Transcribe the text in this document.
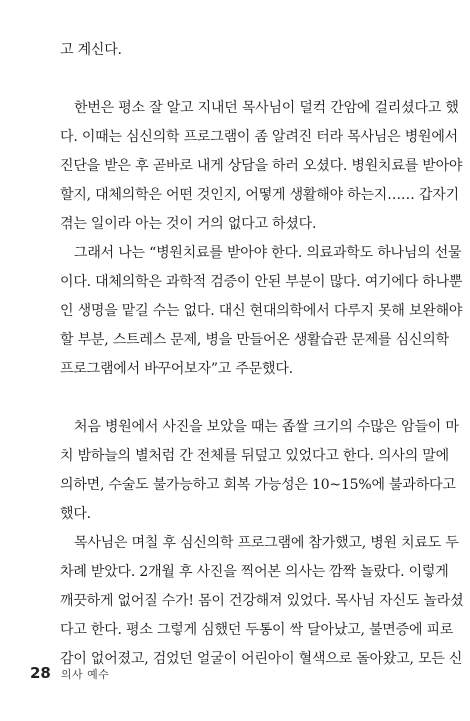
고 계신다.
한번은 평소 잘 알고 지내던 목사님이 덜컥 간암에 걸리셨다고 했
다. 이때는 심신의학 프로그램이 좀 알려진 터라 목사님은 병원에서
진단을 받은 후 곧바로 내게 상담을 하러 오셨다. 병원치료를 받아야
할지, 대체의학은 어떤 것인지, 어떻게 생활해야 하는지…… 갑자기
겪는 일이라 아는 것이 거의 없다고 하셨다.
그래서 나는 “병원치료를 받아야 한다. 의료과학도 하나님의 선물
이다. 대체의학은 과학적 검증이 안된 부분이 많다. 여기에다 하나뿐
인 생명을 맡길 수는 없다. 대신 현대의학에서 다루지 못해 보완해야
할 부분, 스트레스 문제, 병을 만들어온 생활습관 문제를 심신의학
프로그램에서 바꾸어보자”고 주문했다.
처음 병원에서 사진을 보았을 때는 좁쌀 크기의 수많은 암들이 마
치 밤하늘의 별처럼 간 전체를 뒤덮고 있었다고 한다. 의사의 말에
의하면, 수술도 불가능하고 회복 가능성은 10~15%에 불과하다고
했다.
목사님은 며칠 후 심신의학 프로그램에 참가했고, 병원 치료도 두
차례 받았다. 2개월 후 사진을 찍어본 의사는 깜짝 놀랐다. 이렇게
깨끗하게 없어질 수가! 몸이 건강해져 있었다. 목사님 자신도 놀라셨
다고 한다. 평소 그렇게 심했던 두통이 싹 달아났고, 불면증에 피로
감이 없어졌고, 검었던 얼굴이 어린아이 혈색으로 돌아왔고, 모든 신
28 의사 예수
